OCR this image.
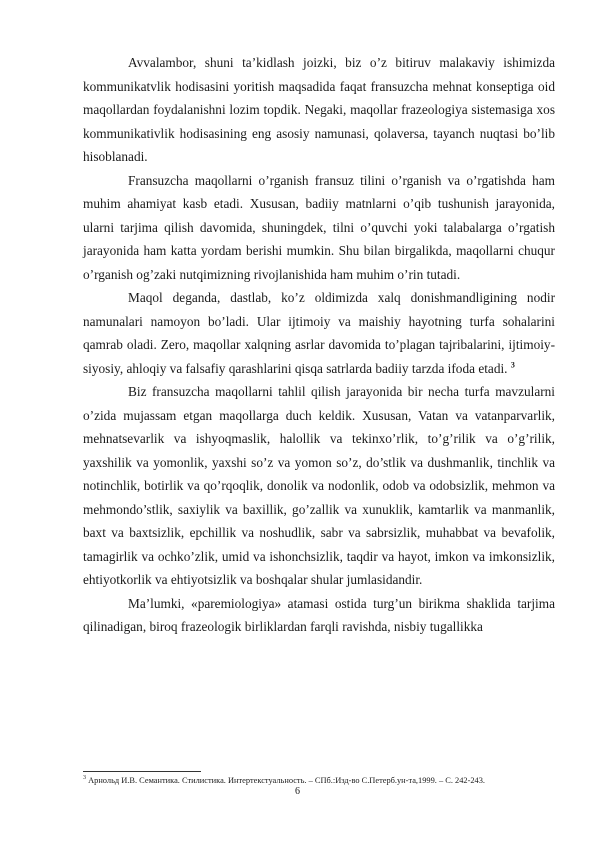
Avvalambor, shuni ta’kidlash joizki, biz o’z bitiruv malakaviy ishimizda kommunikatvlik hodisasini yoritish maqsadida faqat fransuzcha mehnat konseptiga oid maqollardan foydalanishni lozim topdik. Negaki, maqollar frazeologiya sistemasiga xos kommunikativlik hodisasining eng asosiy namunasi, qolaversa, tayanch nuqtasi bo’lib hisoblanadi.

Fransuzcha maqollarni o’rganish fransuz tilini o’rganish va o’rgatishda ham muhim ahamiyat kasb etadi. Xususan, badiiy matnlarni o’qib tushunish jarayonida, ularni tarjima qilish davomida, shuningdek, tilni o’quvchi yoki talabalarga o’rgatish jarayonida ham katta yordam berishi mumkin. Shu bilan birgalikda, maqollarni chuqur o’rganish og’zaki nutqimizning rivojlanishida ham muhim o’rin tutadi.

Maqol deganda, dastlab, ko’z oldimizda xalq donishmandligining nodir namunalari namoyon bo’ladi. Ular ijtimoiy va maishiy hayotning turfa sohalarini qamrab oladi. Zero, maqollar xalqning asrlar davomida to’plagan tajribalarini, ijtimoiy-siyosiy, ahloqiy va falsafiy qarashlarini qisqa satrlarda badiiy tarzda ifoda etadi. $^3$

Biz fransuzcha maqollarni tahlil qilish jarayonida bir necha turfa mavzularni o’zida mujassam etgan maqollarga duch keldik. Xususan, Vatan va vatanparvarlik, mehnatsevarlik va ishyoqmaslik, halollik va tekinxo’rlik, to’g’rilik va o’g’rilik, yaxshilik va yomonlik, yaxshi so’z va yomon so’z, do’stlik va dushmanlik, tinchlik va notinchlik, botirlik va qo’rqoqlik, donolik va nodonlik, odob va odobsizlik, mehmon va mehmondo’stlik, saxiylik va baxillik, go’zallik va xunuklik, kamtarlik va manmanlik, baxt va baxtsizlik, epchillik va noshudlik, sabr va sabrsizlik, muhabbat va bevafolik, tamagirlik va ochko’zlik, umid va ishonchsizlik, taqdir va hayot, imkon va imkonsizlik, ehtiyotkorlik va ehtiyotsizlik va boshqalar shular jumlasidandir.

Ma’lumki, «paremiologiya» atamasi ostida turg’un birikma shaklida tarjima qilinadigan, biroq frazeologik birliklardan farqli ravishda, nisbiy tugallikka

$^3$ Арнольд И.В. Семантика. Стилистика. Интертекстуальность. – СПб.:Изд-во С.Петерб.ун-та,1999. – С. 242-243.
6
